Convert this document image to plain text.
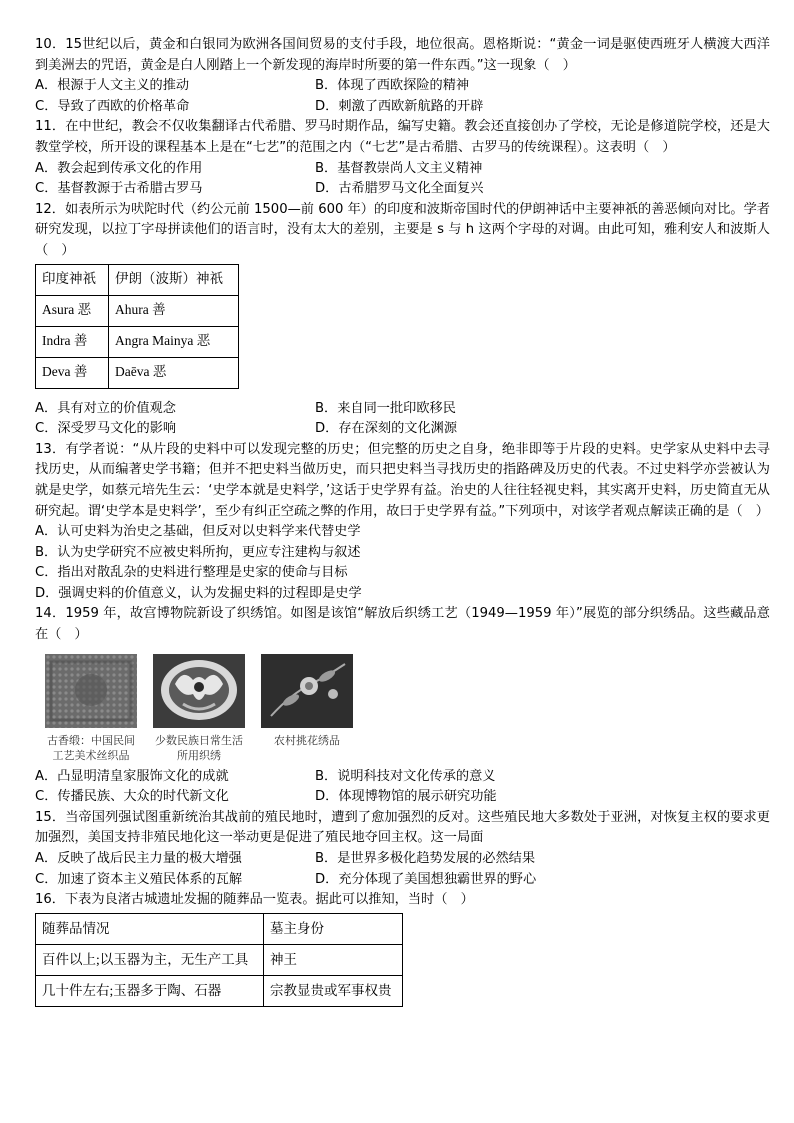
10．15世纪以后，黄金和白银同为欧洲各国间贸易的支付手段，地位很高。恩格斯说：“黄金一词是驱使西班牙人横渡大西洋到美洲去的咒语，黄金是白人刚踏上一个新发现的海岸时所要的第一件东西。”这一现象（　）

A．根源于人文主义的推动	B．体现了西欧探险的精神
C．导致了西欧的价格革命	D．刺激了西欧新航路的开辟

11．在中世纪，教会不仅收集翻译古代希腊、罗马时期作品，编写史籍。教会还直接创办了学校，无论是修道院学校，还是大教堂学校，所开设的课程基本上是在“七艺”的范围之内（“七艺”是古希腊、古罗马的传统课程）。这表明（　）

A．教会起到传承文化的作用	B．基督教崇尚人文主义精神
C．基督教源于古希腊古罗马	D．古希腊罗马文化全面复兴

12．如表所示为吠陀时代（约公元前 1500—前 600 年）的印度和波斯帝国时代的伊朗神话中主要神祇的善恶倾向对比。学者研究发现，以拉丁字母拼读他们的语言时，没有太大的差别，主要是 s 与 h 这两个字母的对调。由此可知，雅利安人和波斯人（　）

印度神祇	伊朗（波斯）神祇
Asura 恶	Ahura 善
Indra 善	Angra Mainya 恶
Deva 善	Daēva 恶
A．具有对立的价值观念	B．来自同一批印欧移民
C．深受罗马文化的影响	D．存在深刻的文化渊源

13．有学者说：“从片段的史料中可以发现完整的历史；但完整的历史之自身，绝非即等于片段的史料。史学家从史料中去寻找历史，从而编著史学书籍；但并不把史料当做历史，而只把史料当寻找历史的指路碑及历史的代表。不过史料学亦尝被认为就是史学，如蔡元培先生云：‘史学本就是史料学，’这话于史学界有益。治史的人往往轻视史料，其实离开史料，历史简直无从研究起。谓‘史学本是史料学’，至少有纠正空疏之弊的作用，故曰于史学界有益。”下列项中，对该学者观点解读正确的是（　）

A．认可史料为治史之基础，但反对以史料学来代替史学
B．认为史学研究不应被史料所拘，更应专注建构与叙述
C．指出对散乱杂的史料进行整理是史家的使命与目标
D．强调史料的价值意义，认为发掘史料的过程即是史学

14．1959 年，故宫博物院新设了织绣馆。如图是该馆“解放后织绣工艺（1949—1959 年）”展览的部分织绣品。这些藏品意在（　）

古香缎：中国民间工艺美术丝织品
少数民族日常生活所用织绣
农村挑花绣品
A．凸显明清皇家服饰文化的成就	B．说明科技对文化传承的意义
C．传播民族、大众的时代新文化	D．体现博物馆的展示研究功能

15．当帝国列强试图重新统治其战前的殖民地时，遭到了愈加强烈的反对。这些殖民地大多数处于亚洲，对恢复主权的要求更加强烈，美国支持非殖民地化这一举动更是促进了殖民地夺回主权。这一局面

A．反映了战后民主力量的极大增强	B．是世界多极化趋势发展的必然结果
C．加速了资本主义殖民体系的瓦解	D．充分体现了美国想独霸世界的野心

16．下表为良渚古城遗址发掘的随葬品一览表。据此可以推知，当时（　）

随葬品情况	墓主身份
百件以上;以玉器为主，无生产工具	神王
几十件左右;玉器多于陶、石器	宗教显贵或军事权贵
